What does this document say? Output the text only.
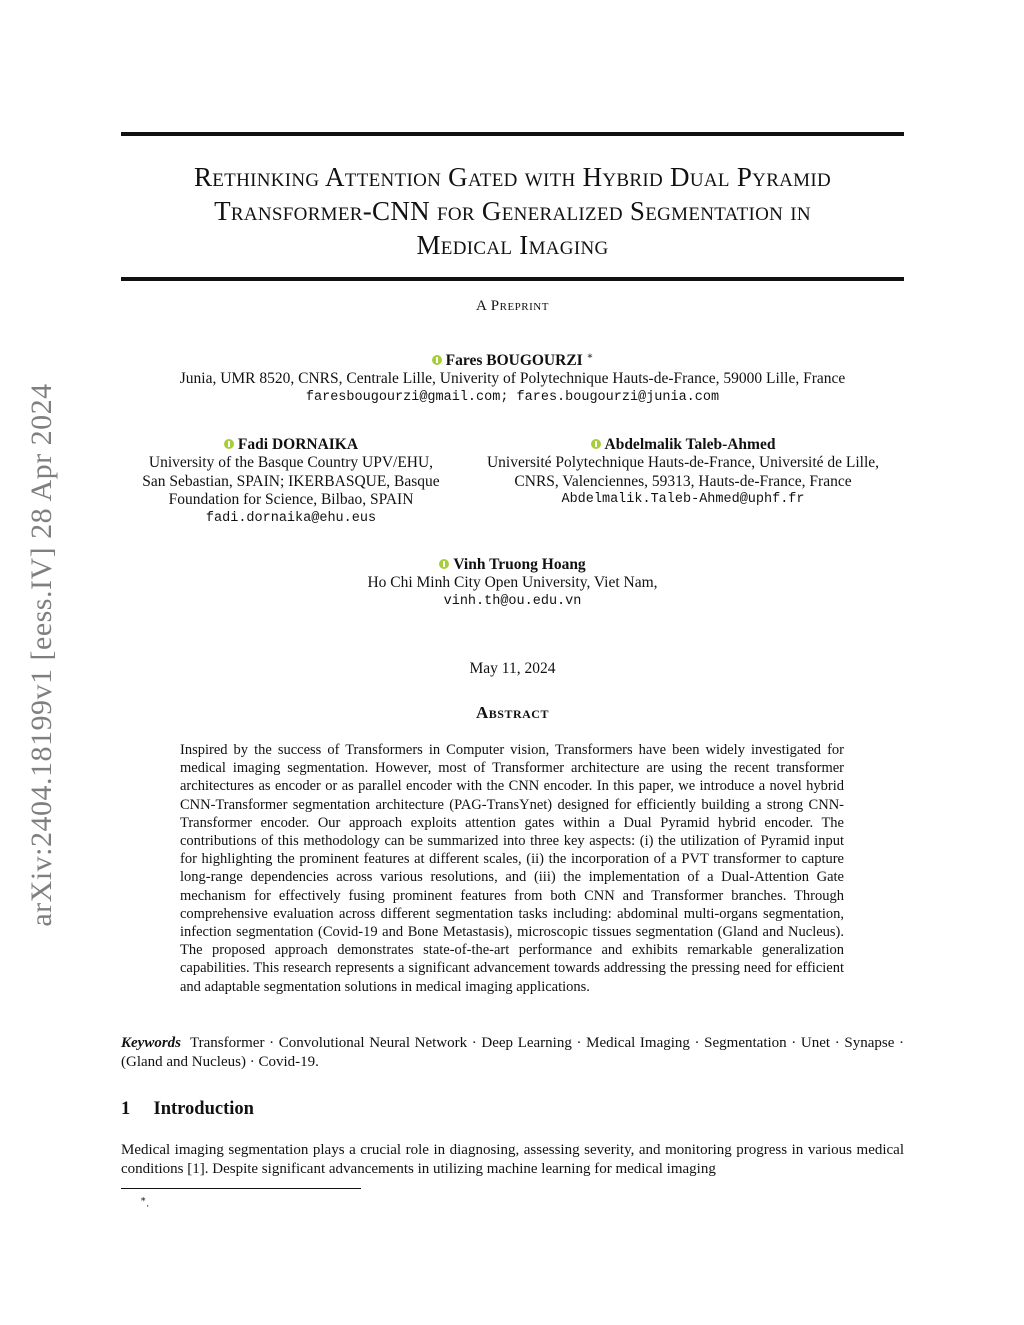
arXiv:2404.18199v1 [eess.IV] 28 Apr 2024
Rethinking Attention Gated with Hybrid Dual Pyramid
Transformer-CNN for Generalized Segmentation in
Medical Imaging
A Preprint
Fares BOUGOURZI ∗
Junia, UMR 8520, CNRS, Centrale Lille, Univerity of Polytechnique Hauts-de-France, 59000 Lille, France
faresbougourzi@gmail.com; fares.bougourzi@junia.com
Fadi DORNAIKA
University of the Basque Country UPV/EHU,
San Sebastian, SPAIN; IKERBASQUE, Basque
Foundation for Science, Bilbao, SPAIN
fadi.dornaika@ehu.eus
Abdelmalik Taleb-Ahmed
Université Polytechnique Hauts-de-France, Université de Lille,
CNRS, Valenciennes, 59313, Hauts-de-France, France
Abdelmalik.Taleb-Ahmed@uphf.fr
Vinh Truong Hoang
Ho Chi Minh City Open University, Viet Nam,
vinh.th@ou.edu.vn
May 11, 2024
Abstract
Inspired by the success of Transformers in Computer vision, Transformers have been widely investigated for medical imaging segmentation. However, most of Transformer architecture are using the recent transformer architectures as encoder or as parallel encoder with the CNN encoder. In this paper, we introduce a novel hybrid CNN-Transformer segmentation architecture (PAG-TransYnet) designed for efficiently building a strong CNN-Transformer encoder. Our approach exploits attention gates within a Dual Pyramid hybrid encoder. The contributions of this methodology can be summarized into three key aspects: (i) the utilization of Pyramid input for highlighting the prominent features at different scales, (ii) the incorporation of a PVT transformer to capture long-range dependencies across various resolutions, and (iii) the implementation of a Dual-Attention Gate mechanism for effectively fusing prominent features from both CNN and Transformer branches. Through comprehensive evaluation across different segmentation tasks including: abdominal multi-organs segmentation, infection segmentation (Covid-19 and Bone Metastasis), microscopic tissues segmentation (Gland and Nucleus). The proposed approach demonstrates state-of-the-art performance and exhibits remarkable generalization capabilities. This research represents a significant advancement towards addressing the pressing need for efficient and adaptable segmentation solutions in medical imaging applications.
Keywords Transformer · Convolutional Neural Network · Deep Learning · Medical Imaging · Segmentation · Unet · Synapse · (Gland and Nucleus) · Covid-19.
1 Introduction
Medical imaging segmentation plays a crucial role in diagnosing, assessing severity, and monitoring progress in various medical conditions [1]. Despite significant advancements in utilizing machine learning for medical imaging
∗.
